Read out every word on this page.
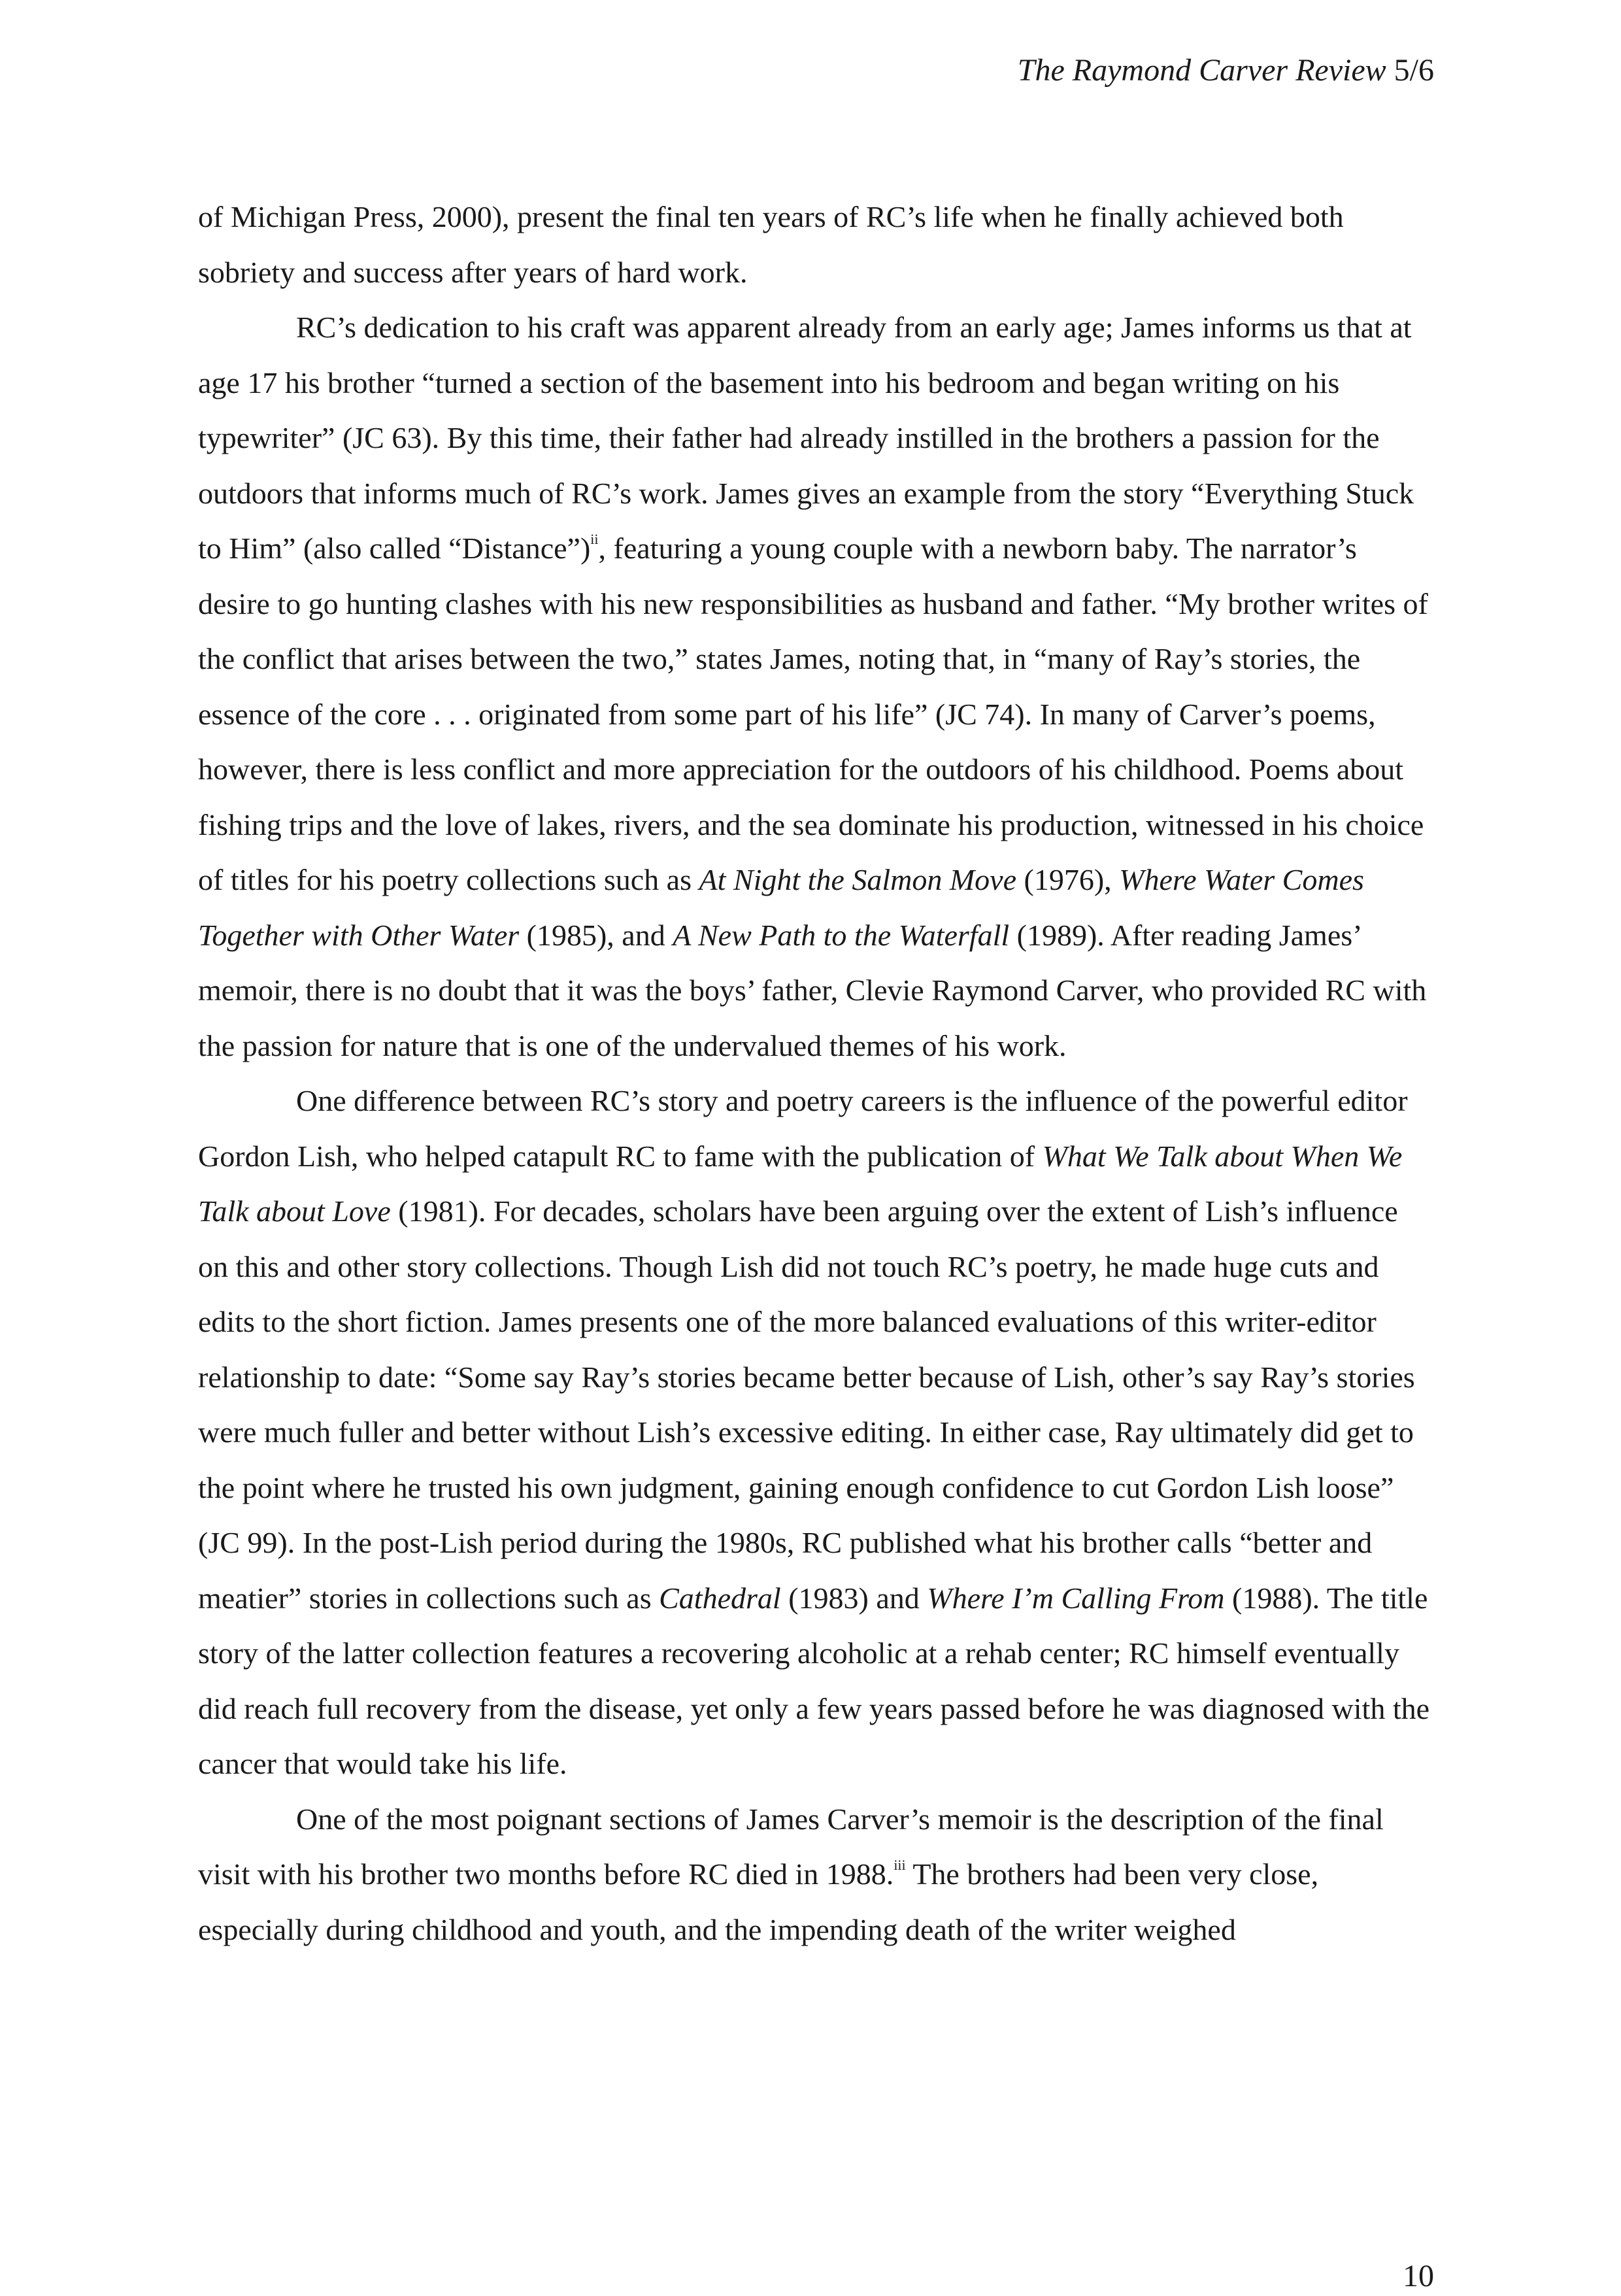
The Raymond Carver Review 5/6

of Michigan Press, 2000), present the final ten years of RC’s life when he finally achieved both sobriety and success after years of hard work.

RC’s dedication to his craft was apparent already from an early age; James informs us that at age 17 his brother “turned a section of the basement into his bedroom and began writing on his typewriter” (JC 63). By this time, their father had already instilled in the brothers a passion for the outdoors that informs much of RC’s work. James gives an example from the story “Everything Stuck to Him” (also called “Distance”)$^{ii}$, featuring a young couple with a newborn baby. The narrator’s desire to go hunting clashes with his new responsibilities as husband and father. “My brother writes of the conflict that arises between the two,” states James, noting that, in “many of Ray’s stories, the essence of the core . . . originated from some part of his life” (JC 74). In many of Carver’s poems, however, there is less conflict and more appreciation for the outdoors of his childhood. Poems about fishing trips and the love of lakes, rivers, and the sea dominate his production, witnessed in his choice of titles for his poetry collections such as At Night the Salmon Move (1976), Where Water Comes Together with Other Water (1985), and A New Path to the Waterfall (1989). After reading James’ memoir, there is no doubt that it was the boys’ father, Clevie Raymond Carver, who provided RC with the passion for nature that is one of the undervalued themes of his work.

One difference between RC’s story and poetry careers is the influence of the powerful editor Gordon Lish, who helped catapult RC to fame with the publication of What We Talk about When We Talk about Love (1981). For decades, scholars have been arguing over the extent of Lish’s influence on this and other story collections. Though Lish did not touch RC’s poetry, he made huge cuts and edits to the short fiction. James presents one of the more balanced evaluations of this writer-editor relationship to date: “Some say Ray’s stories became better because of Lish, other’s say Ray’s stories were much fuller and better without Lish’s excessive editing. In either case, Ray ultimately did get to the point where he trusted his own judgment, gaining enough confidence to cut Gordon Lish loose” (JC 99). In the post-Lish period during the 1980s, RC published what his brother calls “better and meatier” stories in collections such as Cathedral (1983) and Where I’m Calling From (1988). The title story of the latter collection features a recovering alcoholic at a rehab center; RC himself eventually did reach full recovery from the disease, yet only a few years passed before he was diagnosed with the cancer that would take his life.

One of the most poignant sections of James Carver’s memoir is the description of the final visit with his brother two months before RC died in 1988.$^{iii}$ The brothers had been very close, especially during childhood and youth, and the impending death of the writer weighed

10
